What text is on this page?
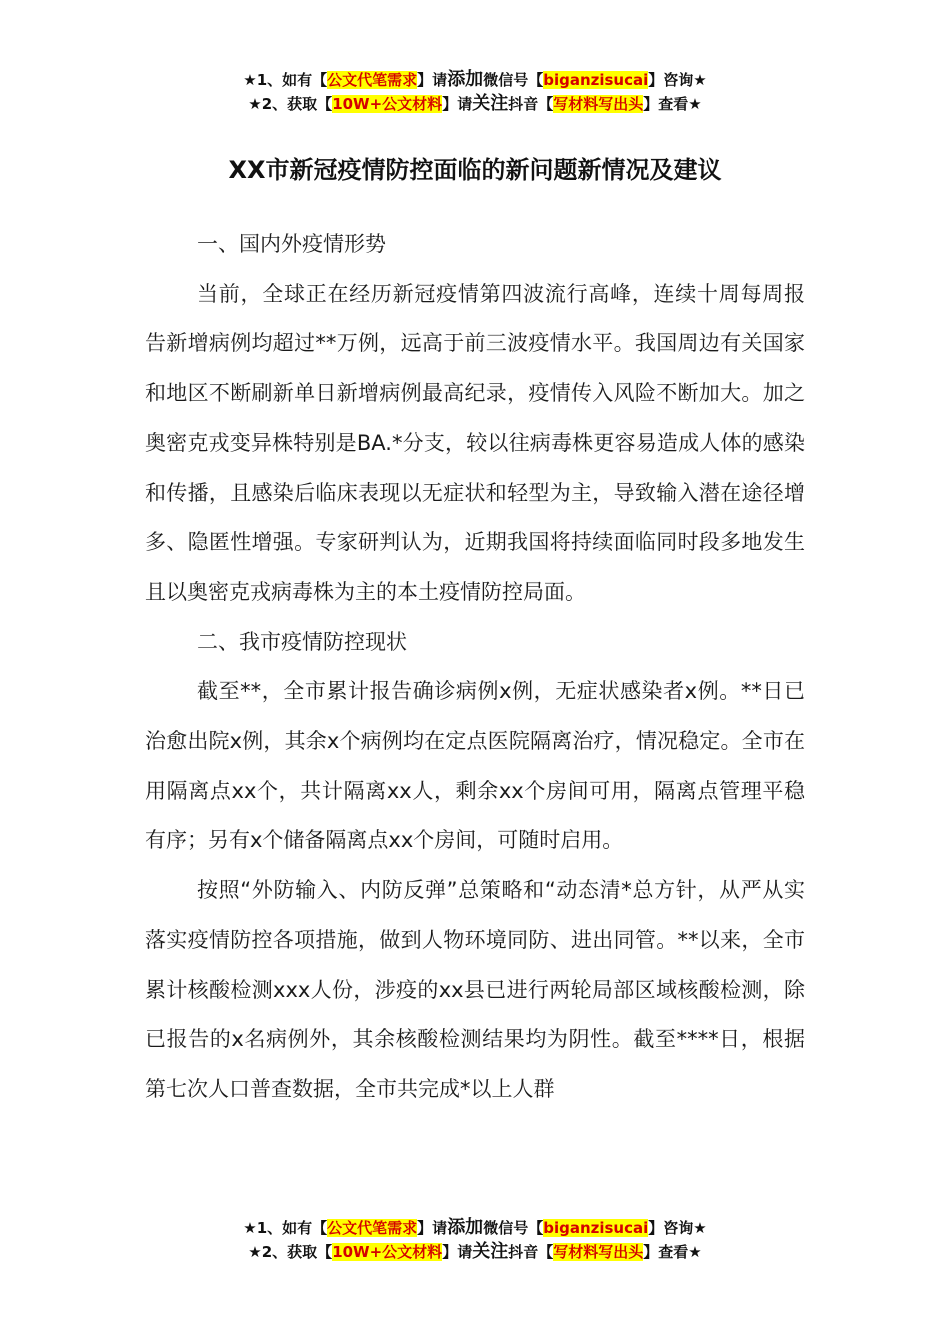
★1、如有【公文代笔需求】请添加微信号【biganzisucai】咨询★
★2、获取【10W+公文材料】请关注抖音【写材料写出头】查看★
XX市新冠疫情防控面临的新问题新情况及建议

一、国内外疫情形势

当前，全球正在经历新冠疫情第四波流行高峰，连续十周每周报告新增病例均超过**万例，远高于前三波疫情水平。我国周边有关国家和地区不断刷新单日新增病例最高纪录，疫情传入风险不断加大。加之奥密克戎变异株特别是BA.*分支，较以往病毒株更容易造成人体的感染和传播，且感染后临床表现以无症状和轻型为主，导致输入潜在途径增多、隐匿性增强。专家研判认为，近期我国将持续面临同时段多地发生且以奥密克戎病毒株为主的本土疫情防控局面。

二、我市疫情防控现状

截至**，全市累计报告确诊病例x例，无症状感染者x例。**日已治愈出院x例，其余x个病例均在定点医院隔离治疗，情况稳定。全市在用隔离点xx个，共计隔离xx人，剩余xx个房间可用，隔离点管理平稳有序；另有x个储备隔离点xx个房间，可随时启用。

按照“外防输入、内防反弹”总策略和“动态清*总方针，从严从实落实疫情防控各项措施，做到人物环境同防、进出同管。**以来，全市累计核酸检测xxx人份，涉疫的xx县已进行两轮局部区域核酸检测，除已报告的x名病例外，其余核酸检测结果均为阴性。截至****日，根据第七次人口普查数据，全市共完成*以上人群

★1、如有【公文代笔需求】请添加微信号【biganzisucai】咨询★
★2、获取【10W+公文材料】请关注抖音【写材料写出头】查看★
